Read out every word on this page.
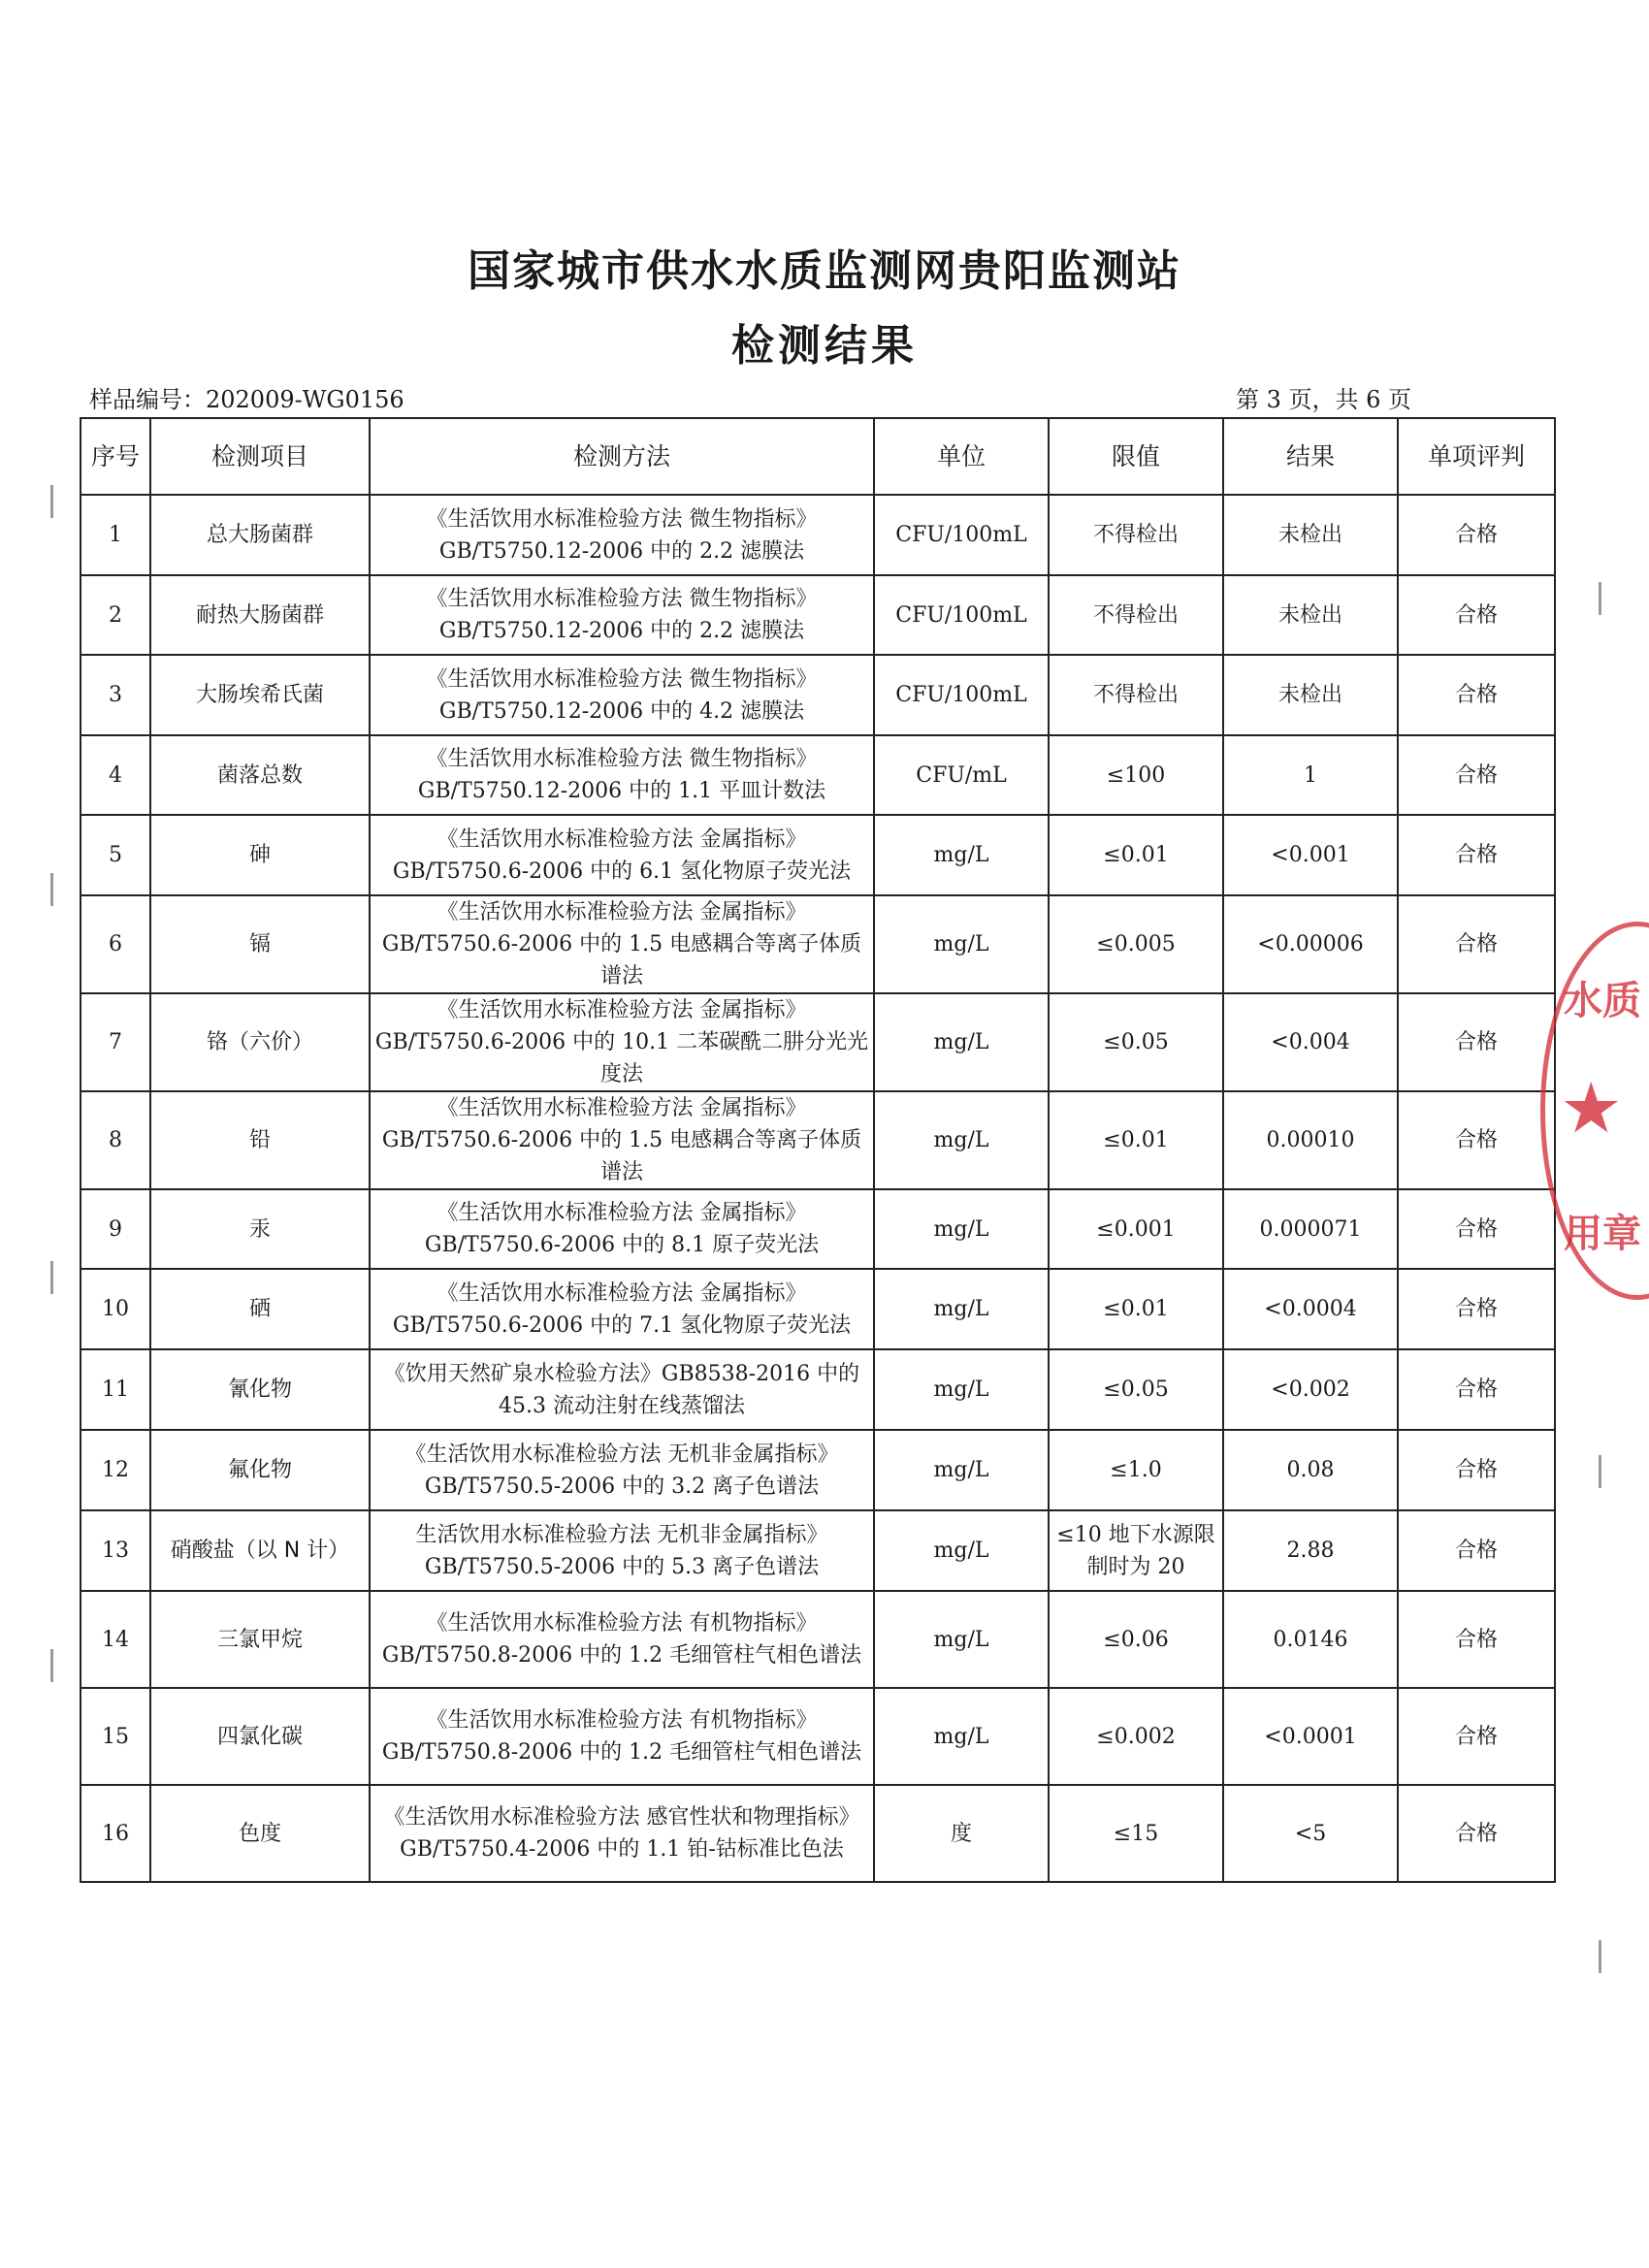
国家城市供水水质监测网贵阳监测站
检测结果
样品编号：202009-WG0156	第 3 页，共 6 页
序号	检测项目	检测方法	单位	限值	结果	单项评判
1	总大肠菌群	《生活饮用水标准检验方法 微生物指标》GB/T5750.12-2006 中的 2.2 滤膜法	CFU/100mL	不得检出	未检出	合格
2	耐热大肠菌群	《生活饮用水标准检验方法 微生物指标》GB/T5750.12-2006 中的 2.2 滤膜法	CFU/100mL	不得检出	未检出	合格
3	大肠埃希氏菌	《生活饮用水标准检验方法 微生物指标》GB/T5750.12-2006 中的 4.2 滤膜法	CFU/100mL	不得检出	未检出	合格
4	菌落总数	《生活饮用水标准检验方法 微生物指标》GB/T5750.12-2006 中的 1.1 平皿计数法	CFU/mL	≤100	1	合格
5	砷	《生活饮用水标准检验方法 金属指标》GB/T5750.6-2006 中的 6.1 氢化物原子荧光法	mg/L	≤0.01	<0.001	合格
6	镉	《生活饮用水标准检验方法 金属指标》GB/T5750.6-2006 中的 1.5 电感耦合等离子体质谱法	mg/L	≤0.005	<0.00006	合格
7	铬（六价）	《生活饮用水标准检验方法 金属指标》GB/T5750.6-2006 中的 10.1 二苯碳酰二肼分光光度法	mg/L	≤0.05	<0.004	合格
8	铅	《生活饮用水标准检验方法 金属指标》GB/T5750.6-2006 中的 1.5 电感耦合等离子体质谱法	mg/L	≤0.01	0.00010	合格
9	汞	《生活饮用水标准检验方法 金属指标》GB/T5750.6-2006 中的 8.1 原子荧光法	mg/L	≤0.001	0.000071	合格
10	硒	《生活饮用水标准检验方法 金属指标》GB/T5750.6-2006 中的 7.1 氢化物原子荧光法	mg/L	≤0.01	<0.0004	合格
11	氰化物	《饮用天然矿泉水检验方法》GB8538-2016 中的 45.3 流动注射在线蒸馏法	mg/L	≤0.05	<0.002	合格
12	氟化物	《生活饮用水标准检验方法 无机非金属指标》GB/T5750.5-2006 中的 3.2 离子色谱法	mg/L	≤1.0	0.08	合格
13	硝酸盐（以 N 计）	生活饮用水标准检验方法 无机非金属指标》GB/T5750.5-2006 中的 5.3 离子色谱法	mg/L	≤10 地下水源限制时为 20	2.88	合格
14	三氯甲烷	《生活饮用水标准检验方法 有机物指标》GB/T5750.8-2006 中的 1.2 毛细管柱气相色谱法	mg/L	≤0.06	0.0146	合格
15	四氯化碳	《生活饮用水标准检验方法 有机物指标》GB/T5750.8-2006 中的 1.2 毛细管柱气相色谱法	mg/L	≤0.002	<0.0001	合格
16	色度	《生活饮用水标准检验方法 感官性状和物理指标》GB/T5750.4-2006 中的 1.1 铂-钴标准比色法	度	≤15	<5	合格
水质
★
用章
